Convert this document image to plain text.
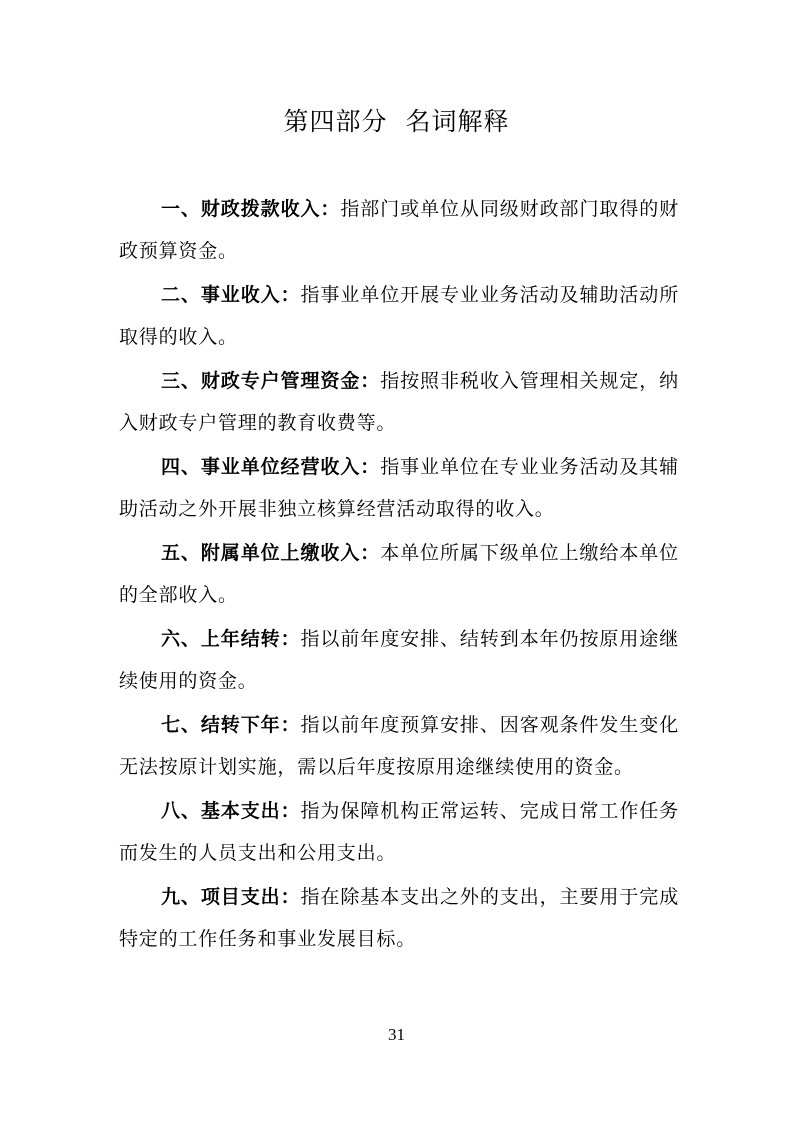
第四部分  名词解释

一、财政拨款收入：指部门或单位从同级财政部门取得的财政预算资金。

二、事业收入：指事业单位开展专业业务活动及辅助活动所取得的收入。

三、财政专户管理资金：指按照非税收入管理相关规定，纳入财政专户管理的教育收费等。

四、事业单位经营收入：指事业单位在专业业务活动及其辅助活动之外开展非独立核算经营活动取得的收入。

五、附属单位上缴收入：本单位所属下级单位上缴给本单位的全部收入。

六、上年结转：指以前年度安排、结转到本年仍按原用途继续使用的资金。

七、结转下年：指以前年度预算安排、因客观条件发生变化无法按原计划实施，需以后年度按原用途继续使用的资金。

八、基本支出：指为保障机构正常运转、完成日常工作任务而发生的人员支出和公用支出。

九、项目支出：指在除基本支出之外的支出，主要用于完成特定的工作任务和事业发展目标。

31
